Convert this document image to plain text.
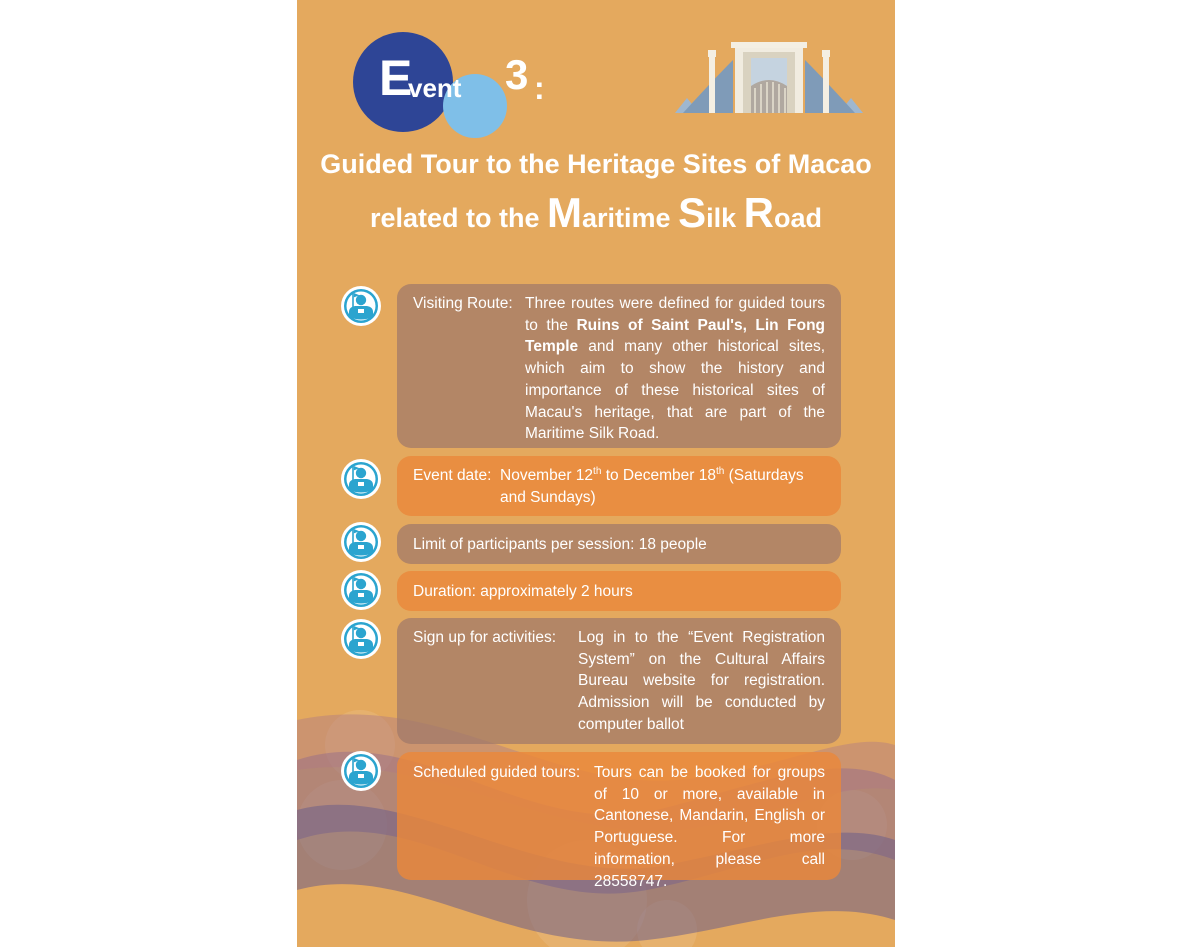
E
vent 3 :
Guided Tour to the Heritage Sites of Macao
related to the Maritime Silk Road
Visiting Route: Three routes were defined for guided tours to the Ruins of Saint Paul's, Lin Fong Temple and many other historical sites, which aim to show the history and importance of these historical sites of Macau's heritage, that are part of the Maritime Silk Road.
Event date: November 12th to December 18th (Saturdays and Sundays)
Limit of participants per session: 18 people
Duration: approximately 2 hours
Sign up for activities: Log in to the “Event Registration System” on the Cultural Affairs Bureau website for registration. Admission will be conducted by computer ballot
Scheduled guided tours: Tours can be booked for groups of 10 or more, available in Cantonese, Mandarin, English or Portuguese. For more information, please call 28558747.
